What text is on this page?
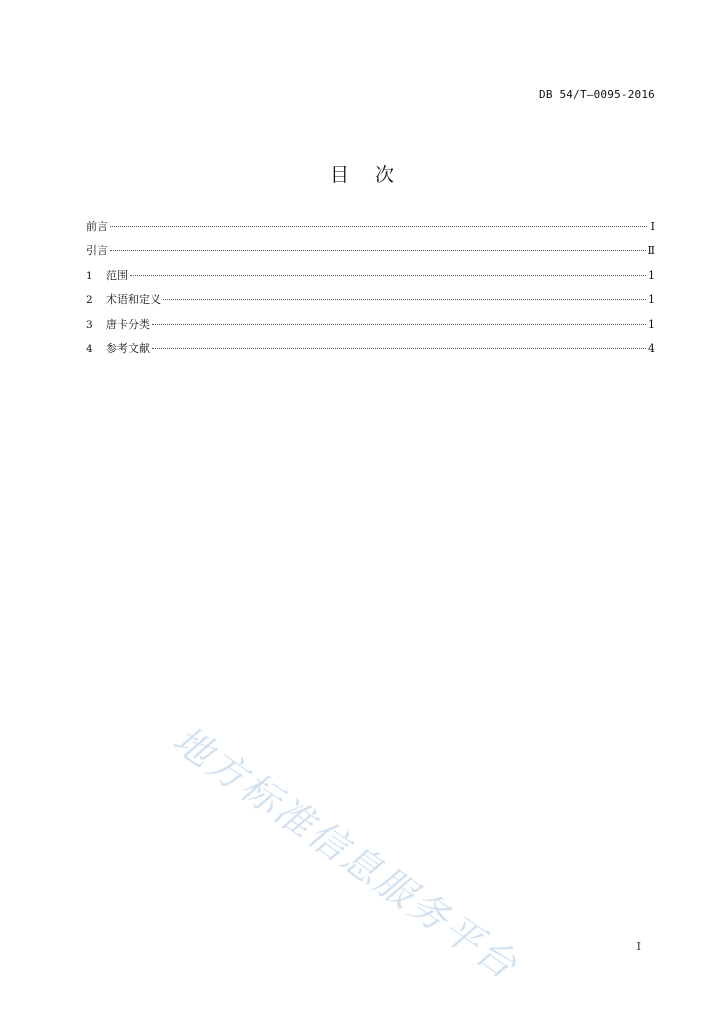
DB 54/T—0095-2016
目次
前言	Ⅰ
引言	Ⅱ
1	范围	1
2	术语和定义	1
3	唐卡分类	1
4	参考文献	4
地方标准信息服务平台	I
